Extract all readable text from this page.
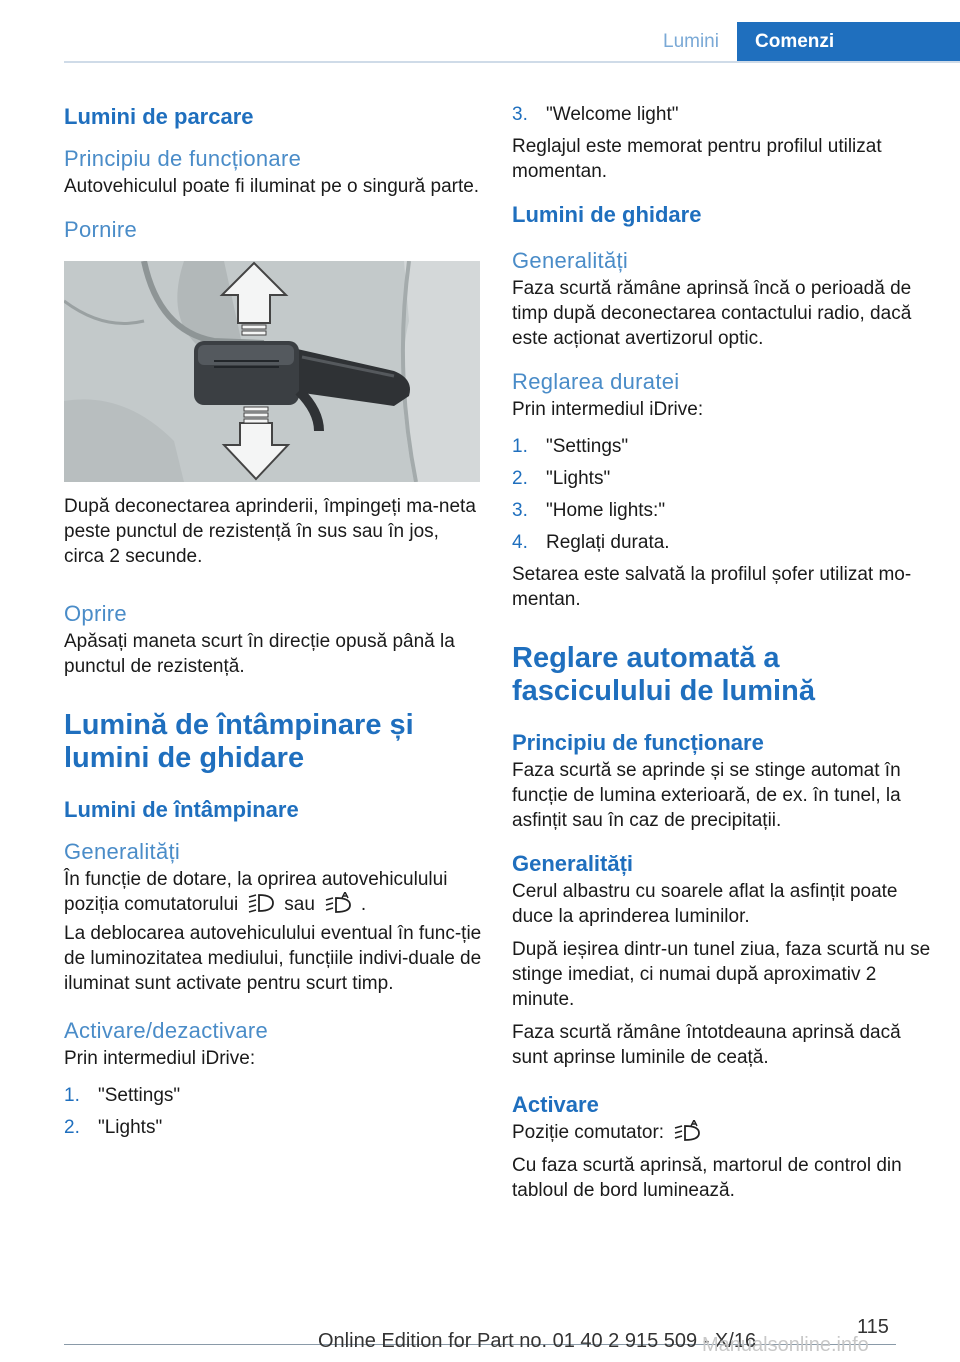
Lumini	Comenzi
Lumini de parcare
Principiu de funcționare

Autovehiculul poate fi iluminat pe o singură parte.

Pornire

După deconectarea aprinderii, împingeți ma-neta peste punctul de rezistență în sus sau în jos, circa 2 secunde.

Oprire

Apăsați maneta scurt în direcție opusă până la punctul de rezistență.

Lumină de întâmpinare și lumini de ghidare
Lumini de întâmpinare
Generalități

În funcție de dotare, la oprirea autovehiculului poziția comutatorului sau .

La deblocarea autovehiculului eventual în func-ție de luminozitatea mediului, funcțiile indivi-duale de iluminat sunt activate pentru scurt timp.

Activare/dezactivare

Prin intermediul iDrive:

1. "Settings"
2. "Lights"
3. "Welcome light"

Reglajul este memorat pentru profilul utilizat momentan.

Lumini de ghidare
Generalități

Faza scurtă rămâne aprinsă încă o perioadă de timp după deconectarea contactului radio, dacă este acționat avertizorul optic.

Reglarea duratei

Prin intermediul iDrive:

1. "Settings"
2. "Lights"
3. "Home lights:"
4. Reglați durata.

Setarea este salvată la profilul șofer utilizat mo-mentan.

Reglare automată a fasciculului de lumină
Principiu de funcționare

Faza scurtă se aprinde și se stinge automat în funcție de lumina exterioară, de ex. în tunel, la asfințit sau în caz de precipitații.

Generalități

Cerul albastru cu soarele aflat la asfințit poate duce la aprinderea luminilor.

După ieșirea dintr-un tunel ziua, faza scurtă nu se stinge imediat, ci numai după aproximativ 2 minute.

Faza scurtă rămâne întotdeauna aprinsă dacă sunt aprinse luminile de ceață.

Activare

Poziție comutator:

Cu faza scurtă aprinsă, martorul de control din tabloul de bord luminează.

115
Online Edition for Part no. 01 40 2 915 509 - X/16
Manualsonline.info
